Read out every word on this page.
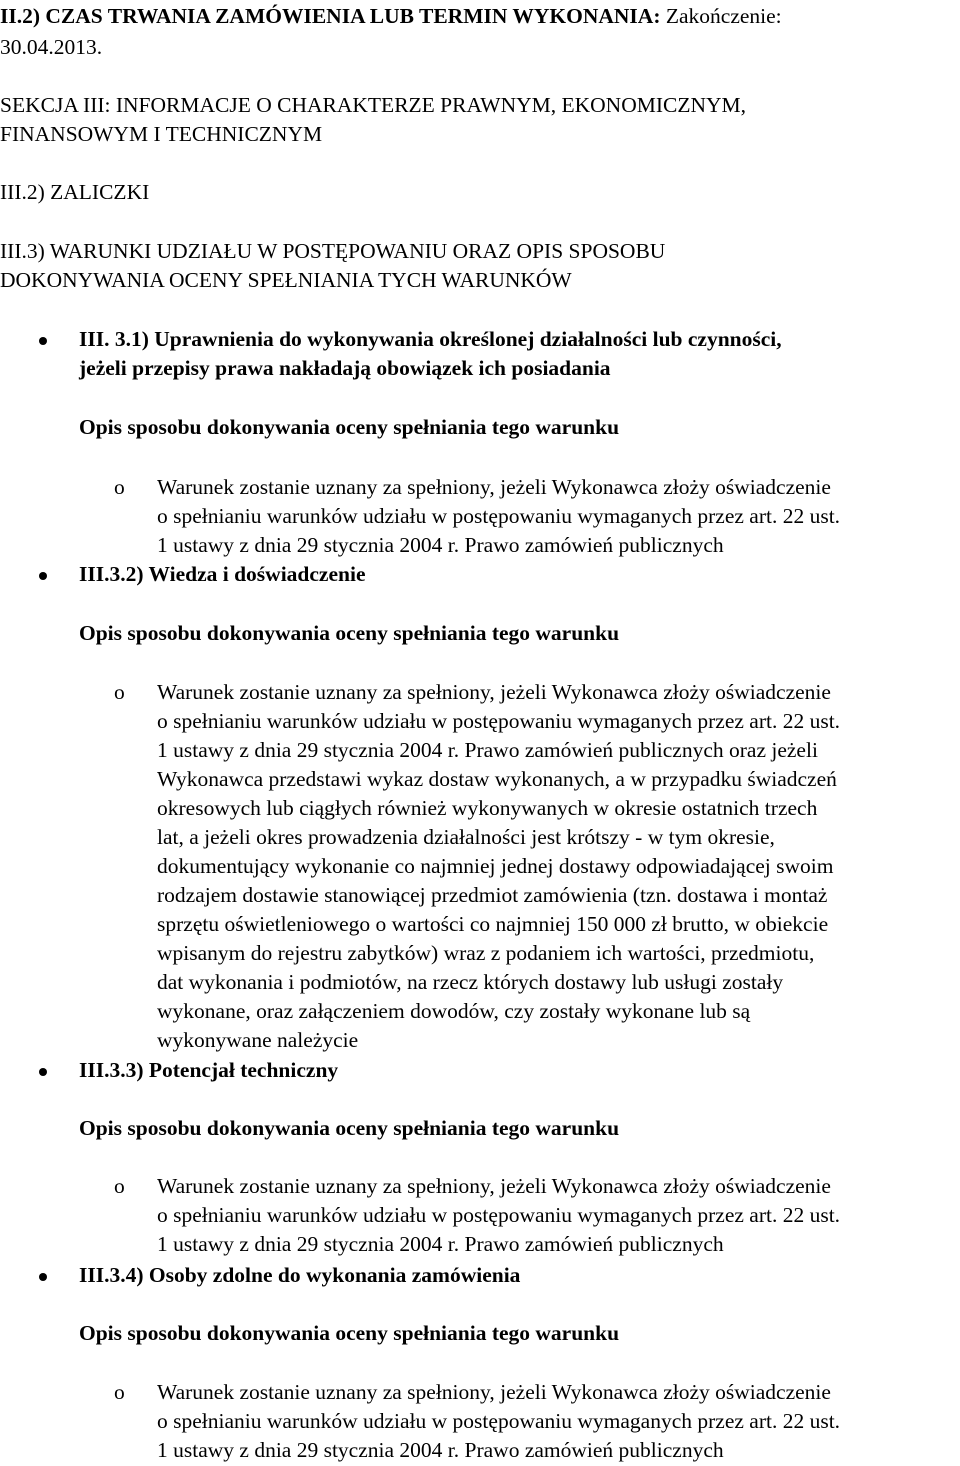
II.2) CZAS TRWANIA ZAMÓWIENIA LUB TERMIN WYKONANIA: Zakończenie:
30.04.2013.
SEKCJA III: INFORMACJE O CHARAKTERZE PRAWNYM, EKONOMICZNYM,
FINANSOWYM I TECHNICZNYM
III.2) ZALICZKI
III.3) WARUNKI UDZIAŁU W POSTĘPOWANIU ORAZ OPIS SPOSOBU
DOKONYWANIA OCENY SPEŁNIANIA TYCH WARUNKÓW
III. 3.1) Uprawnienia do wykonywania określonej działalności lub czynności,
jeżeli przepisy prawa nakładają obowiązek ich posiadania
Opis sposobu dokonywania oceny spełniania tego warunku
o Warunek zostanie uznany za spełniony, jeżeli Wykonawca złoży oświadczenie
o spełnianiu warunków udziału w postępowaniu wymaganych przez art. 22 ust.
1 ustawy z dnia 29 stycznia 2004 r. Prawo zamówień publicznych
III.3.2) Wiedza i doświadczenie
Opis sposobu dokonywania oceny spełniania tego warunku
o Warunek zostanie uznany za spełniony, jeżeli Wykonawca złoży oświadczenie
o spełnianiu warunków udziału w postępowaniu wymaganych przez art. 22 ust.
1 ustawy z dnia 29 stycznia 2004 r. Prawo zamówień publicznych oraz jeżeli
Wykonawca przedstawi wykaz dostaw wykonanych, a w przypadku świadczeń
okresowych lub ciągłych również wykonywanych w okresie ostatnich trzech
lat, a jeżeli okres prowadzenia działalności jest krótszy - w tym okresie,
dokumentujący wykonanie co najmniej jednej dostawy odpowiadającej swoim
rodzajem dostawie stanowiącej przedmiot zamówienia (tzn. dostawa i montaż
sprzętu oświetleniowego o wartości co najmniej 150 000 zł brutto, w obiekcie
wpisanym do rejestru zabytków) wraz z podaniem ich wartości, przedmiotu,
dat wykonania i podmiotów, na rzecz których dostawy lub usługi zostały
wykonane, oraz załączeniem dowodów, czy zostały wykonane lub są
wykonywane należycie
III.3.3) Potencjał techniczny
Opis sposobu dokonywania oceny spełniania tego warunku
o Warunek zostanie uznany za spełniony, jeżeli Wykonawca złoży oświadczenie
o spełnianiu warunków udziału w postępowaniu wymaganych przez art. 22 ust.
1 ustawy z dnia 29 stycznia 2004 r. Prawo zamówień publicznych
III.3.4) Osoby zdolne do wykonania zamówienia
Opis sposobu dokonywania oceny spełniania tego warunku
o Warunek zostanie uznany za spełniony, jeżeli Wykonawca złoży oświadczenie
o spełnianiu warunków udziału w postępowaniu wymaganych przez art. 22 ust.
1 ustawy z dnia 29 stycznia 2004 r. Prawo zamówień publicznych
